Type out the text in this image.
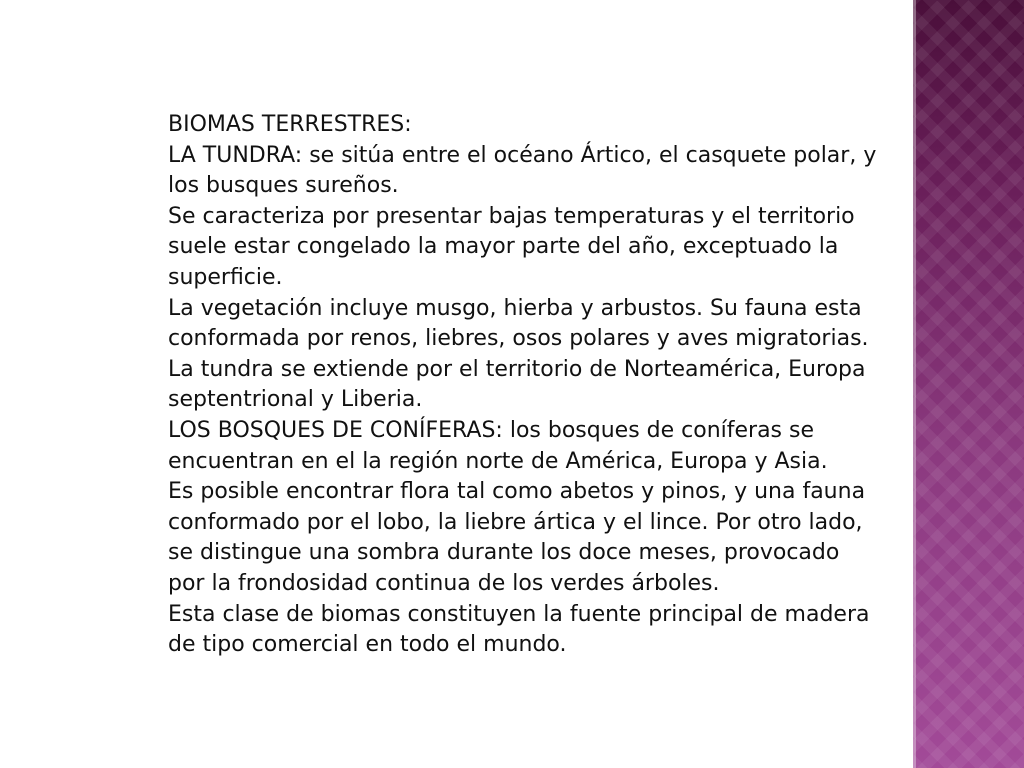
BIOMAS TERRESTRES:

LA TUNDRA: se sitúa entre el océano Ártico, el casquete polar, y los busques sureños.

Se caracteriza por presentar bajas temperaturas y el territorio suele estar congelado la mayor parte del año, exceptuado la superficie.

La vegetación incluye musgo, hierba y arbustos. Su fauna esta conformada por renos, liebres, osos polares y aves migratorias.

La tundra se extiende por el territorio de Norteamérica, Europa septentrional y Liberia.

LOS BOSQUES DE CONÍFERAS: los bosques de coníferas se encuentran en el la región norte de América, Europa y Asia.

Es posible encontrar flora tal como abetos y pinos, y una fauna conformado por el lobo, la liebre ártica y el lince. Por otro lado, se distingue una sombra durante los doce meses, provocado por la frondosidad continua de los verdes árboles.

Esta clase de biomas constituyen la fuente principal de madera de tipo comercial en todo el mundo.
